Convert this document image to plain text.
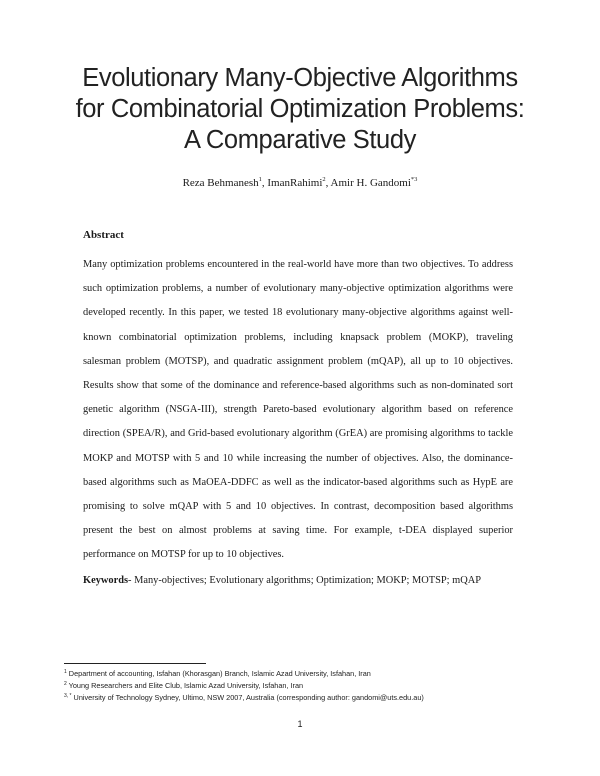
Evolutionary Many-Objective Algorithms
for Combinatorial Optimization Problems:
A Comparative Study
Reza Behmanesh$^1$, ImanRahimi$^2$, Amir H. Gandomi$^{*3}$
Abstract
Many optimization problems encountered in the real-world have more than two objectives. To address such optimization problems, a number of evolutionary many-objective optimization algorithms were developed recently. In this paper, we tested 18 evolutionary many-objective algorithms against well-known combinatorial optimization problems, including knapsack problem (MOKP), traveling salesman problem (MOTSP), and quadratic assignment problem (mQAP), all up to 10 objectives. Results show that some of the dominance and reference-based algorithms such as non-dominated sort genetic algorithm (NSGA-III), strength Pareto-based evolutionary algorithm based on reference direction (SPEA/R), and Grid-based evolutionary algorithm (GrEA) are promising algorithms to tackle MOKP and MOTSP with 5 and 10 while increasing the number of objectives. Also, the dominance-based algorithms such as MaOEA-DDFC as well as the indicator-based algorithms such as HypE are promising to solve mQAP with 5 and 10 objectives. In contrast, decomposition based algorithms present the best on almost problems at saving time. For example, t-DEA displayed superior performance on MOTSP for up to 10 objectives.
Keywords- Many-objectives; Evolutionary algorithms; Optimization; MOKP; MOTSP; mQAP
$^1$ Department of accounting, Isfahan (Khorasgan) Branch, Islamic Azad University, Isfahan, Iran
$^2$ Young Researchers and Elite Club, Islamic Azad University, Isfahan, Iran
$^{3, *}$ University of Technology Sydney, Ultimo, NSW 2007, Australia (corresponding author: gandomi@uts.edu.au)
1
